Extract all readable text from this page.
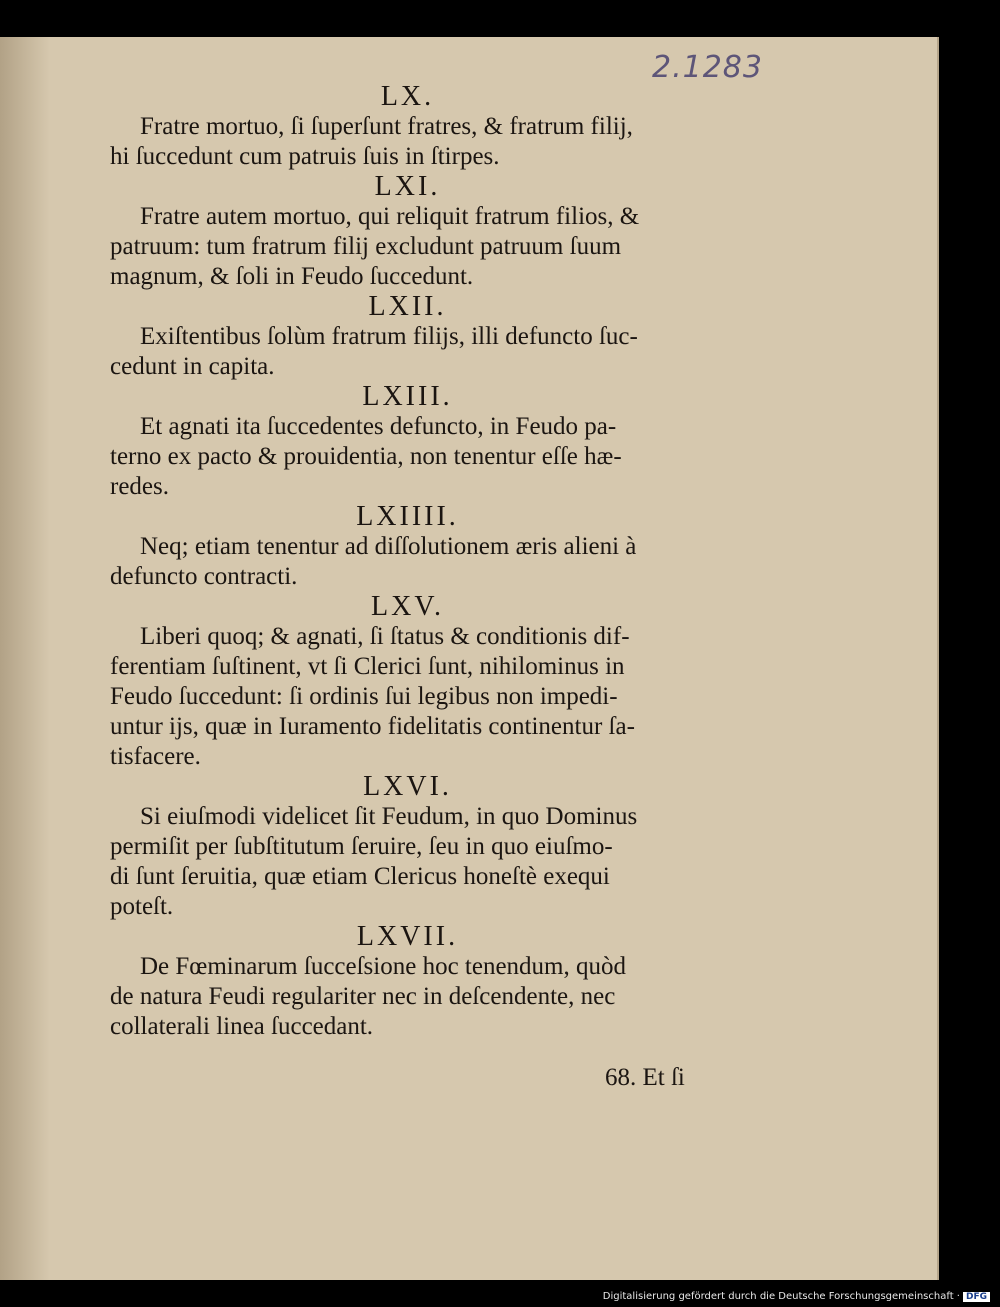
2.1283
LX.
Fratre mortuo, ſi ſuperſunt fratres, & fratrum filij,
hi ſuccedunt cum patruis ſuis in ſtirpes.
LXI.
Fratre autem mortuo, qui reliquit fratrum filios, &
patruum: tum fratrum filij excludunt patruum ſuum
magnum, & ſoli in Feudo ſuccedunt.
LXII.
Exiſtentibus ſolùm fratrum filijs, illi defuncto ſuc-
cedunt in capita.
LXIII.
Et agnati ita ſuccedentes defuncto, in Feudo pa-
terno ex pacto & prouidentia, non tenentur eſſe hæ-
redes.
LXIIII.
Neq; etiam tenentur ad diſſolutionem æris alieni à
defuncto contracti.
LXV.
Liberi quoq; & agnati, ſi ſtatus & conditionis dif-
ferentiam ſuſtinent, vt ſi Clerici ſunt, nihilominus in
Feudo ſuccedunt: ſi ordinis ſui legibus non impedi-
untur ijs, quæ in Iuramento fidelitatis continentur ſa-
tisfacere.
LXVI.
Si eiuſmodi videlicet ſit Feudum, in quo Dominus
permiſit per ſubſtitutum ſeruire, ſeu in quo eiuſmo-
di ſunt ſeruitia, quæ etiam Clericus honeſtè exequi
poteſt.
LXVII.
De Fœminarum ſucceſsione hoc tenendum, quòd
de natura Feudi regulariter nec in deſcendente, nec
collaterali linea ſuccedant.
68. Et ſi
Digitalisierung gefördert durch die Deutsche Forschungsgemeinschaft · DFG
